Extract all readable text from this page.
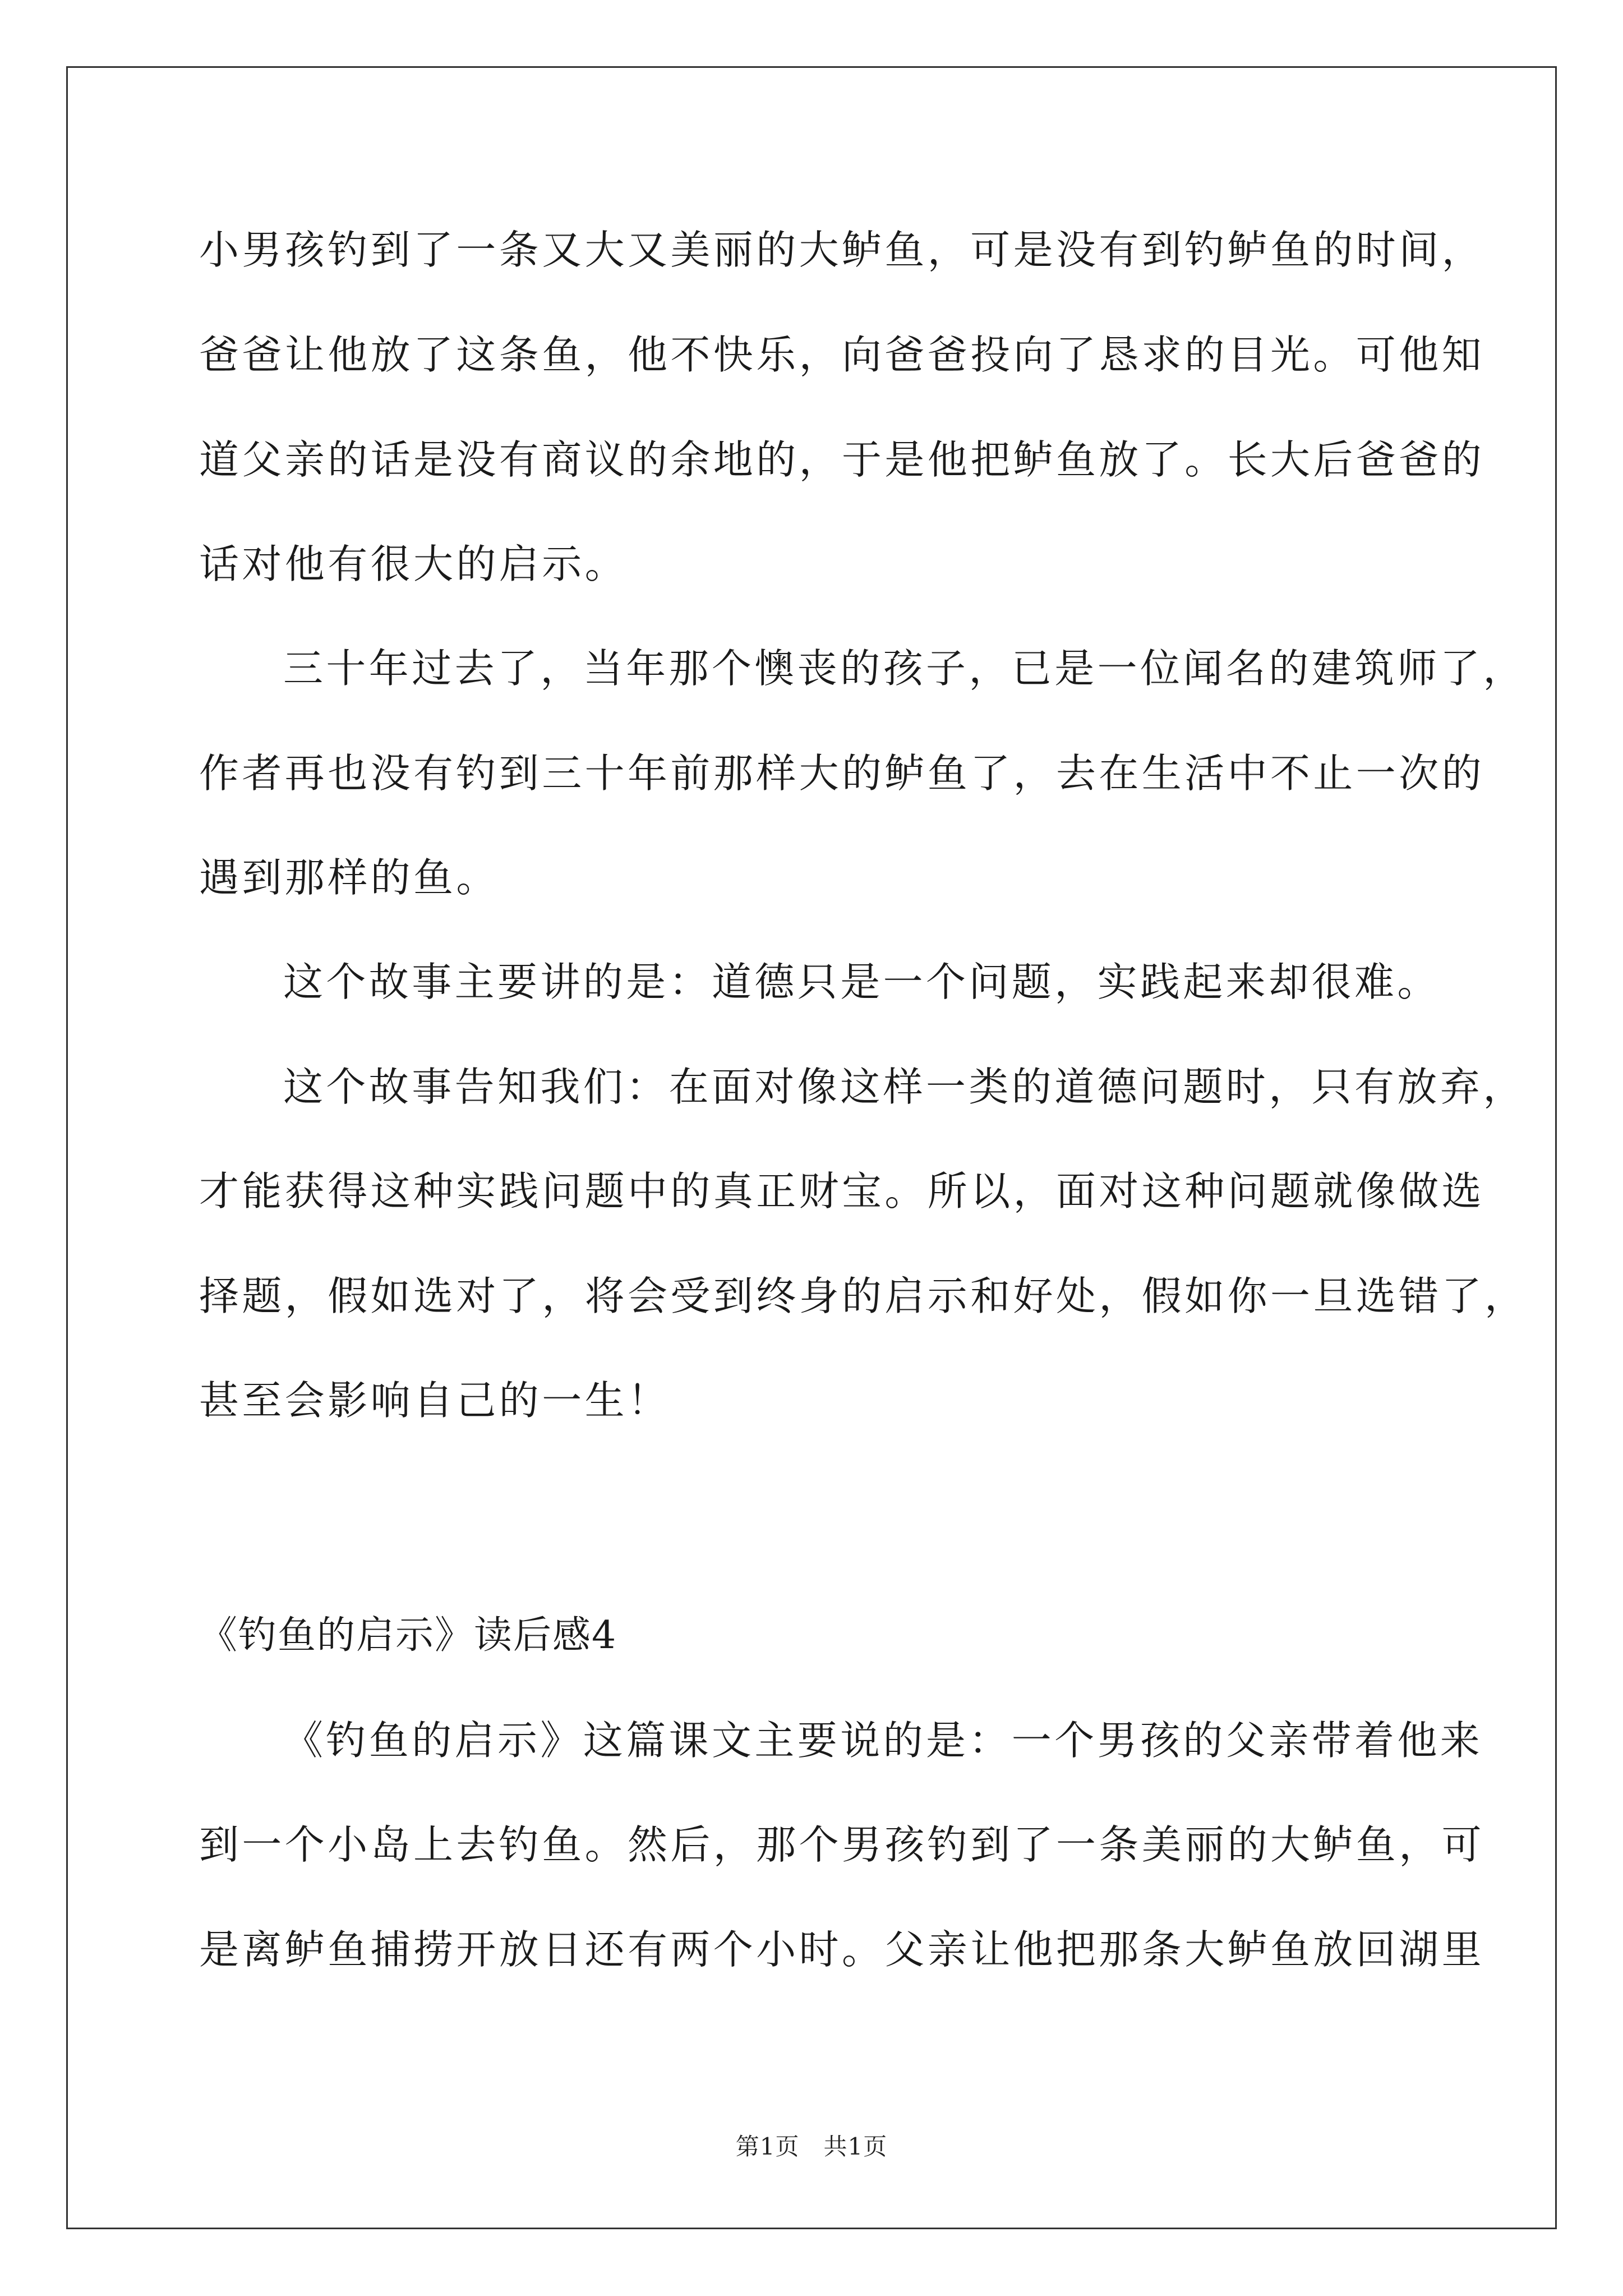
小男孩钓到了一条又大又美丽的大鲈鱼，可是没有到钓鲈鱼的时间，
爸爸让他放了这条鱼，他不快乐，向爸爸投向了恳求的目光。可他知
道父亲的话是没有商议的余地的，于是他把鲈鱼放了。长大后爸爸的
话对他有很大的启示。
三十年过去了，当年那个懊丧的孩子，已是一位闻名的建筑师了，
作者再也没有钓到三十年前那样大的鲈鱼了，去在生活中不止一次的
遇到那样的鱼。
这个故事主要讲的是：道德只是一个问题，实践起来却很难。
这个故事告知我们：在面对像这样一类的道德问题时，只有放弃，
才能获得这种实践问题中的真正财宝。所以，面对这种问题就像做选
择题，假如选对了，将会受到终身的启示和好处，假如你一旦选错了，
甚至会影响自己的一生！
《钓鱼的启示》读后感4
《钓鱼的启示》这篇课文主要说的是：一个男孩的父亲带着他来
到一个小岛上去钓鱼。然后，那个男孩钓到了一条美丽的大鲈鱼，可
是离鲈鱼捕捞开放日还有两个小时。父亲让他把那条大鲈鱼放回湖里
第1页　共1页
